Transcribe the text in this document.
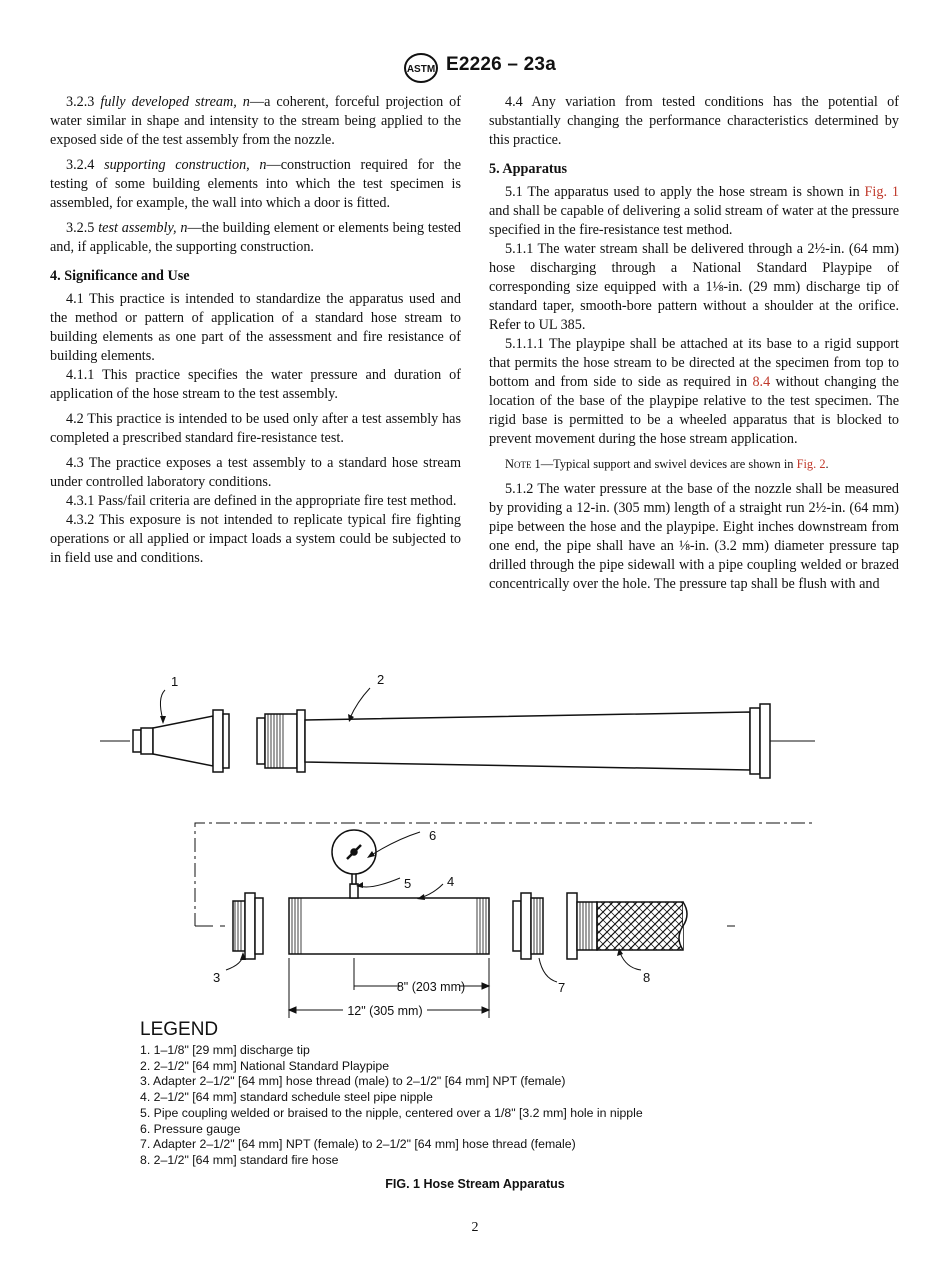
ASTM E2226 – 23a

3.2.3 fully developed stream, n—a coherent, forceful projection of water similar in shape and intensity to the stream being applied to the exposed side of the test assembly from the nozzle.

3.2.4 supporting construction, n—construction required for the testing of some building elements into which the test specimen is assembled, for example, the wall into which a door is fitted.

3.2.5 test assembly, n—the building element or elements being tested and, if applicable, the supporting construction.

4. Significance and Use

4.1 This practice is intended to standardize the apparatus used and the method or pattern of application of a standard hose stream to building elements as one part of the assessment and fire resistance of building elements.

4.1.1 This practice specifies the water pressure and duration of application of the hose stream to the test assembly.

4.2 This practice is intended to be used only after a test assembly has completed a prescribed standard fire-resistance test.

4.3 The practice exposes a test assembly to a standard hose stream under controlled laboratory conditions.

4.3.1 Pass/fail criteria are defined in the appropriate fire test method.

4.3.2 This exposure is not intended to replicate typical fire fighting operations or all applied or impact loads a system could be subjected to in field use and conditions.

4.4 Any variation from tested conditions has the potential of substantially changing the performance characteristics determined by this practice.

5. Apparatus

5.1 The apparatus used to apply the hose stream is shown in Fig. 1 and shall be capable of delivering a solid stream of water at the pressure specified in the fire-resistance test method.

5.1.1 The water stream shall be delivered through a 2½-in. (64 mm) hose discharging through a National Standard Playpipe of corresponding size equipped with a 1⅛-in. (29 mm) discharge tip of standard taper, smooth-bore pattern without a shoulder at the orifice. Refer to UL 385.

5.1.1.1 The playpipe shall be attached at its base to a rigid support that permits the hose stream to be directed at the specimen from top to bottom and from side to side as required in 8.4 without changing the location of the base of the playpipe relative to the test specimen. The rigid base is permitted to be a wheeled apparatus that is blocked to prevent movement during the hose stream application.

Note 1—Typical support and swivel devices are shown in Fig. 2.

5.1.2 The water pressure at the base of the nozzle shall be measured by providing a 12-in. (305 mm) length of a straight run 2½-in. (64 mm) pipe between the hose and the playpipe. Eight inches downstream from one end, the pipe shall have an ⅛-in. (3.2 mm) diameter pressure tap drilled through the pipe sidewall with a pipe coupling welded or brazed concentrically over the hole. The pressure tap shall be flush with and

8" (203 mm)
12" (305 mm)
1	2
3
4
5
6
7
8
LEGEND
1. 1–1/8" [29 mm] discharge tip
2. 2–1/2" [64 mm] National Standard Playpipe
3. Adapter 2–1/2" [64 mm] hose thread (male) to 2–1/2" [64 mm] NPT (female)
4. 2–1/2" [64 mm] standard schedule steel pipe nipple
5. Pipe coupling welded or braised to the nipple, centered over a 1/8" [3.2 mm] hole in nipple
6. Pressure gauge
7. Adapter 2–1/2" [64 mm] NPT (female) to 2–1/2" [64 mm] hose thread (female)
8. 2–1/2" [64 mm] standard fire hose
FIG. 1 Hose Stream Apparatus
2
